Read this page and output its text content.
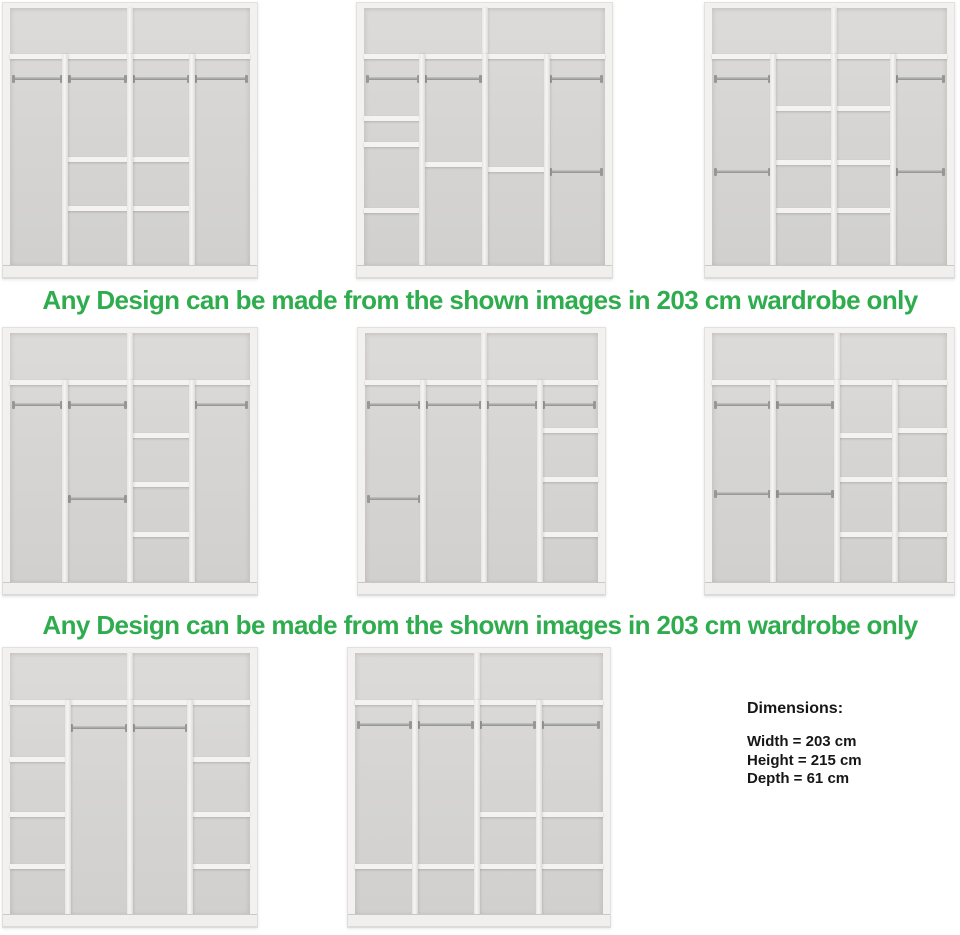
Any Design can be made from the shown images in 203 cm wardrobe only
Any Design can be made from the shown images in 203 cm wardrobe only
Dimensions:
Width = 203 cm
Height = 215 cm
Depth = 61 cm
